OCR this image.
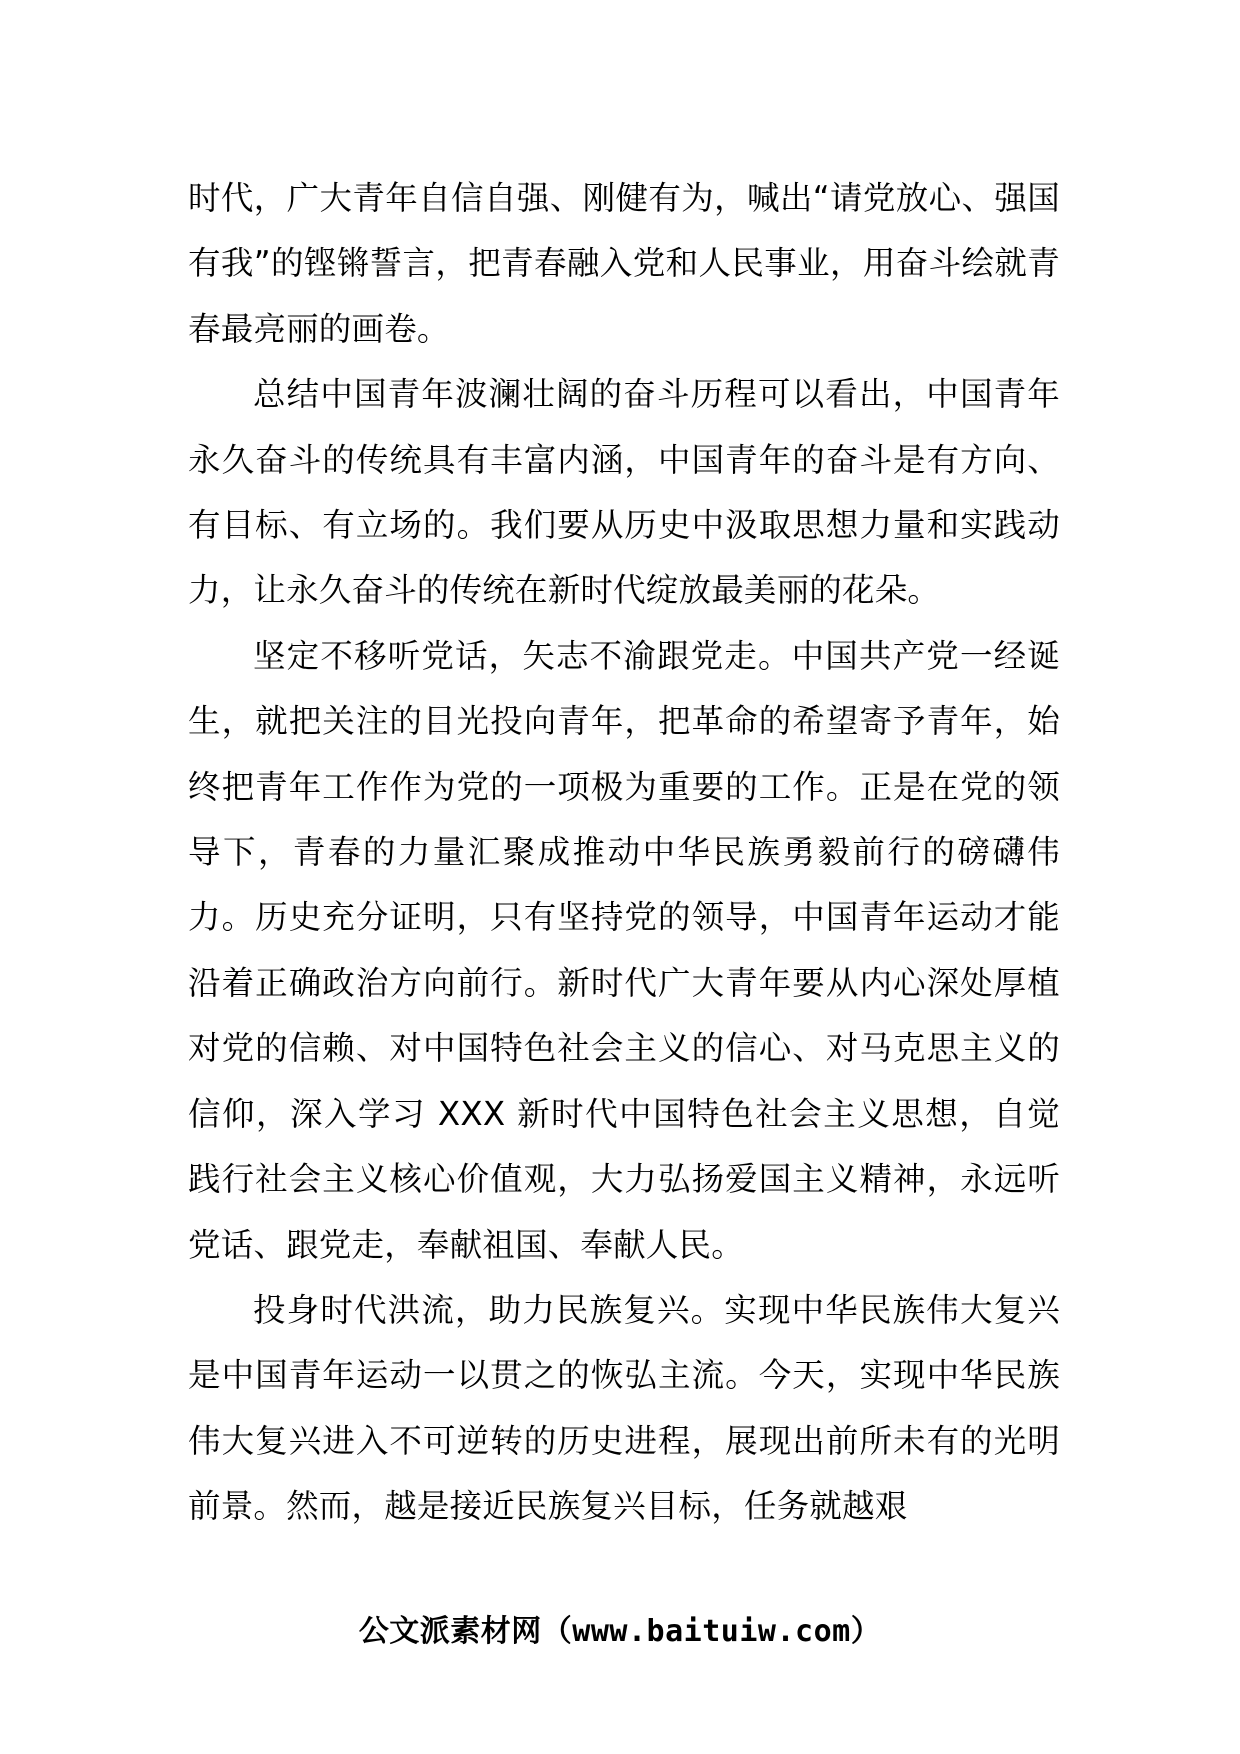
时代，广大青年自信自强、刚健有为，喊出“请党放心、强国有我”的铿锵誓言，把青春融入党和人民事业，用奋斗绘就青春最亮丽的画卷。

总结中国青年波澜壮阔的奋斗历程可以看出，中国青年永久奋斗的传统具有丰富内涵，中国青年的奋斗是有方向、有目标、有立场的。我们要从历史中汲取思想力量和实践动力，让永久奋斗的传统在新时代绽放最美丽的花朵。

坚定不移听党话，矢志不渝跟党走。中国共产党一经诞生，就把关注的目光投向青年，把革命的希望寄予青年，始终把青年工作作为党的一项极为重要的工作。正是在党的领导下，青春的力量汇聚成推动中华民族勇毅前行的磅礴伟力。历史充分证明，只有坚持党的领导，中国青年运动才能沿着正确政治方向前行。新时代广大青年要从内心深处厚植对党的信赖、对中国特色社会主义的信心、对马克思主义的信仰，深入学习 XXX 新时代中国特色社会主义思想，自觉践行社会主义核心价值观，大力弘扬爱国主义精神，永远听党话、跟党走，奉献祖国、奉献人民。

投身时代洪流，助力民族复兴。实现中华民族伟大复兴是中国青年运动一以贯之的恢弘主流。今天，实现中华民族伟大复兴进入不可逆转的历史进程，展现出前所未有的光明前景。然而，越是接近民族复兴目标，任务就越艰

公文派素材网（www.baituiw.com）
